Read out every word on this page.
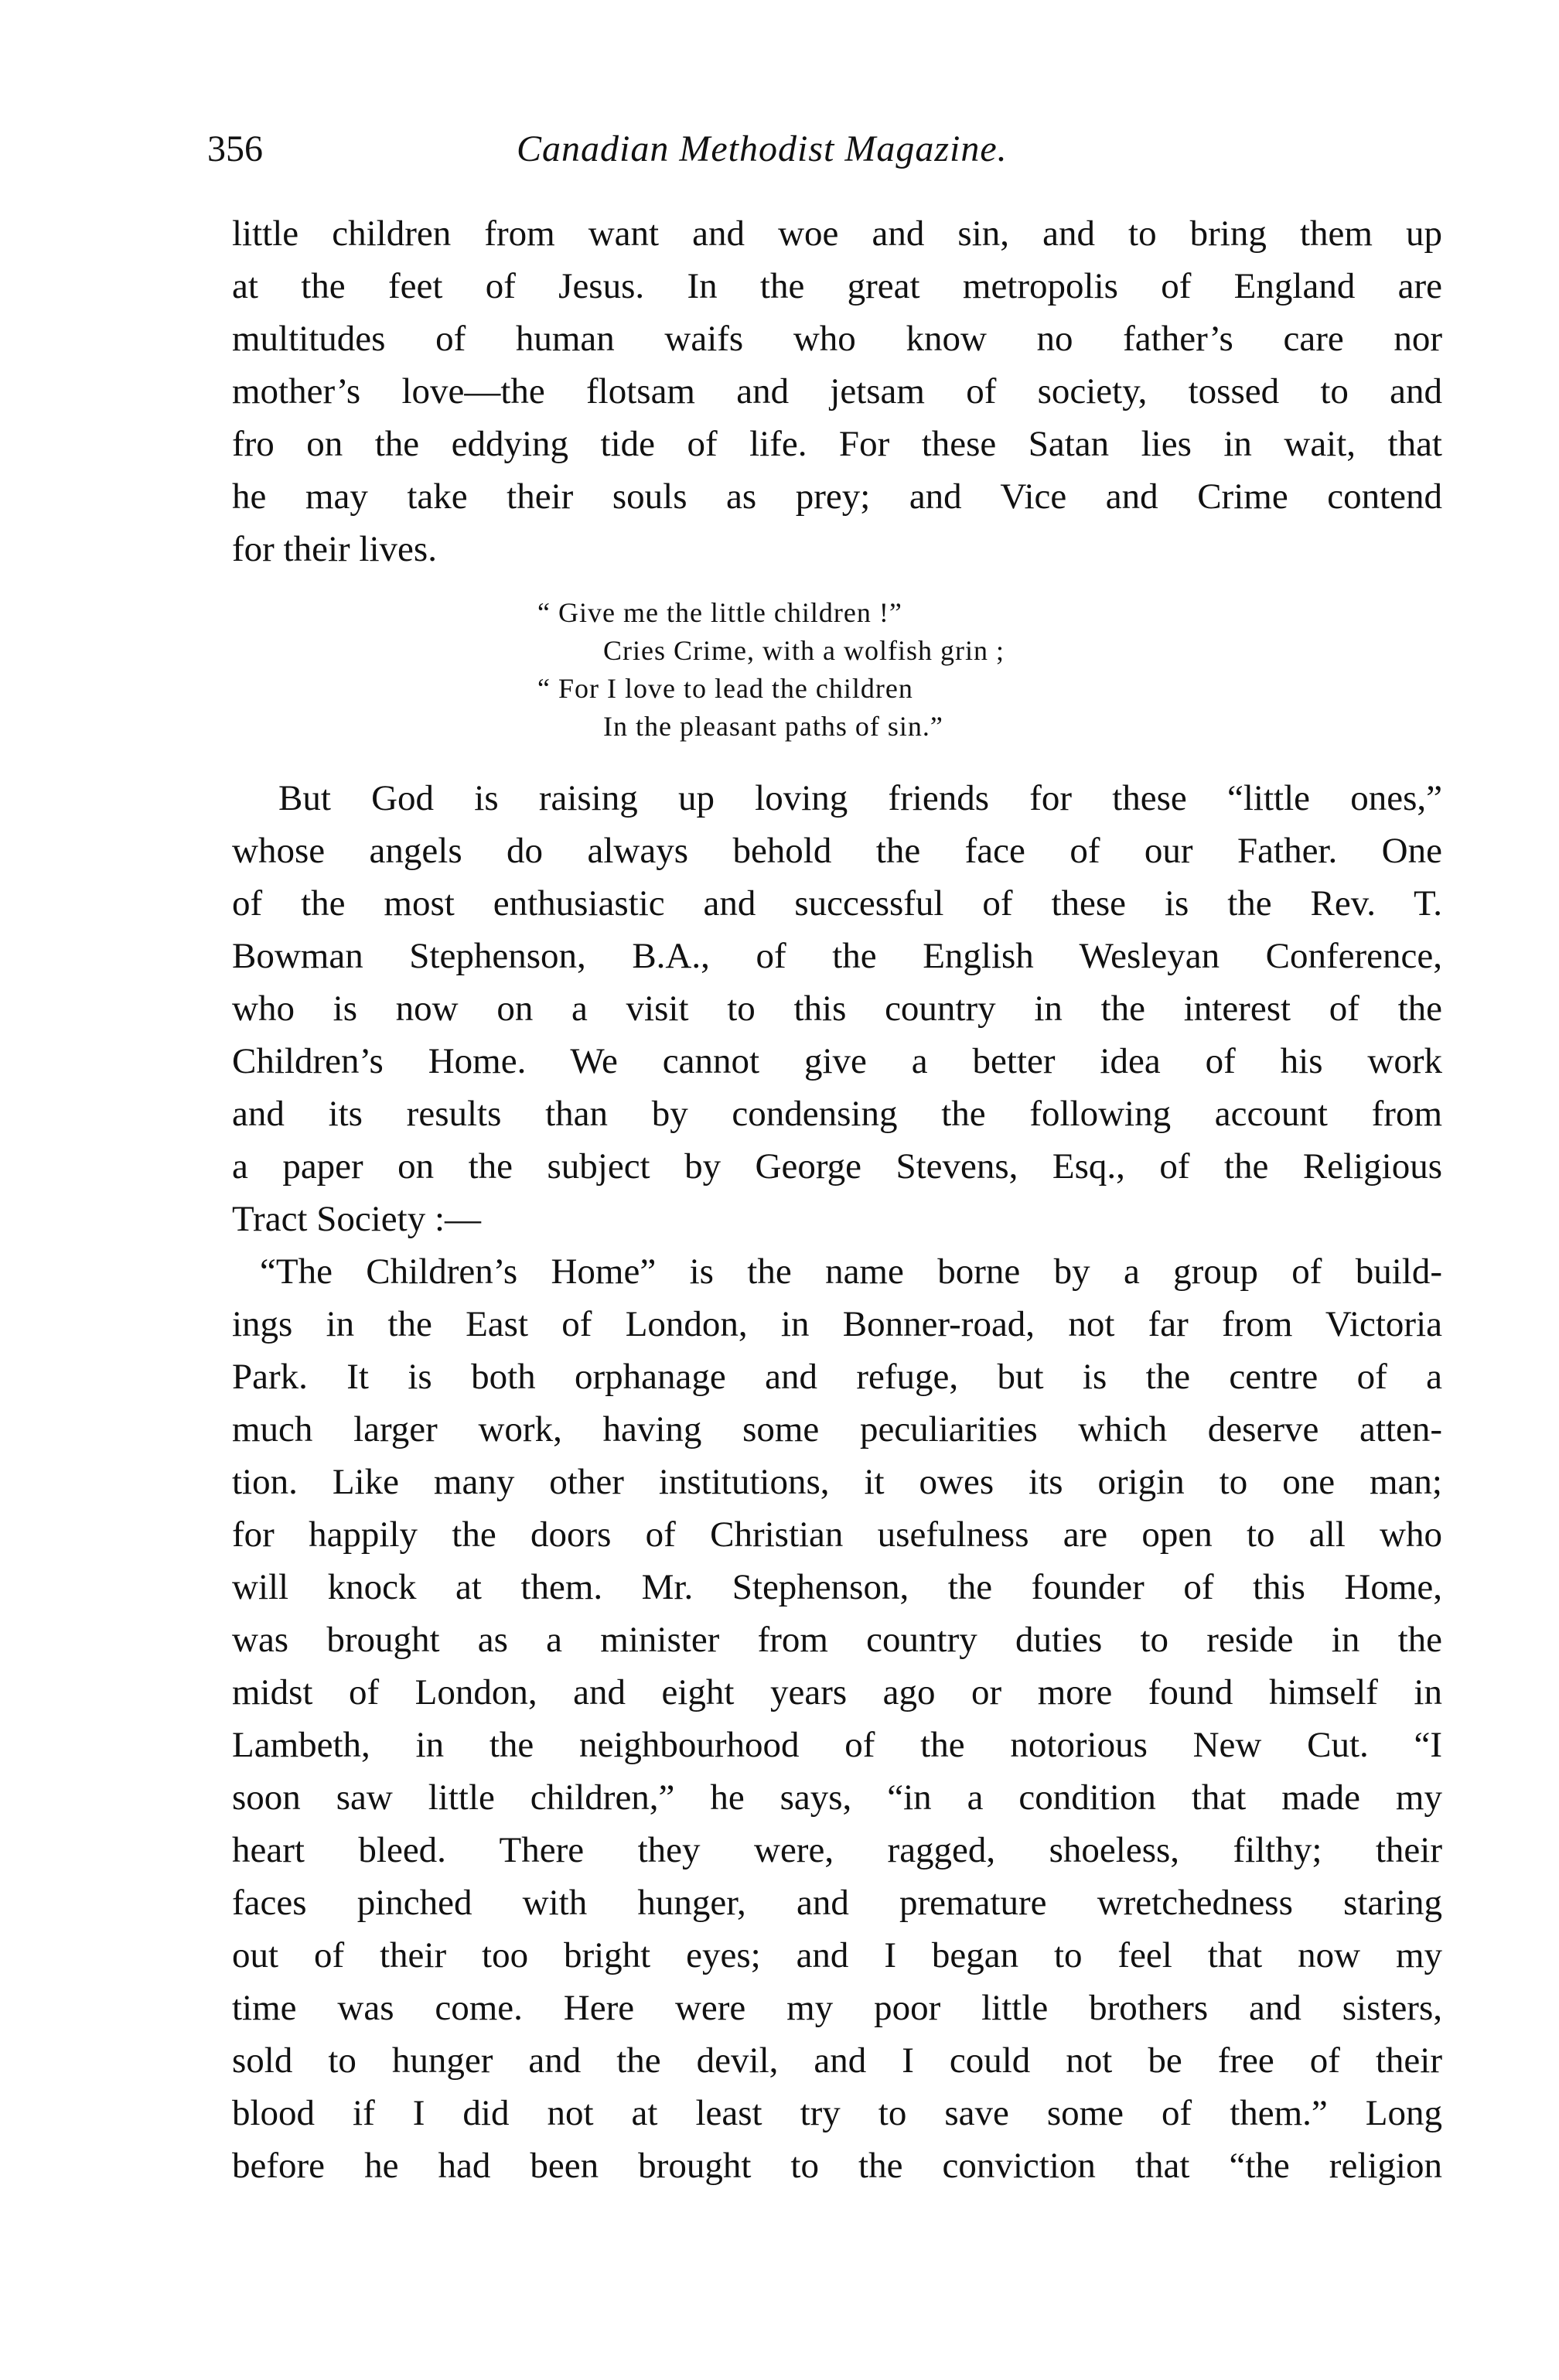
356	Canadian Methodist Magazine.
little children from want and woe and sin, and to bring them up
at the feet of Jesus. In the great metropolis of England are
multitudes of human waifs who know no father’s care nor
mother’s love—the flotsam and jetsam of society, tossed to and
fro on the eddying tide of life. For these Satan lies in wait, that
he may take their souls as prey; and Vice and Crime contend
for their lives.
“ Give me the little children !”
Cries Crime, with a wolfish grin ;
“ For I love to lead the children
In the pleasant paths of sin.”
But God is raising up loving friends for these “little ones,”
whose angels do always behold the face of our Father. One
of the most enthusiastic and successful of these is the Rev. T.
Bowman Stephenson, B.A., of the English Wesleyan Conference,
who is now on a visit to this country in the interest of the
Children’s Home. We cannot give a better idea of his work
and its results than by condensing the following account from
a paper on the subject by George Stevens, Esq., of the Religious
Tract Society :—
“The Children’s Home” is the name borne by a group of build-
ings in the East of London, in Bonner-road, not far from Victoria
Park. It is both orphanage and refuge, but is the centre of a
much larger work, having some peculiarities which deserve atten-
tion. Like many other institutions, it owes its origin to one man;
for happily the doors of Christian usefulness are open to all who
will knock at them. Mr. Stephenson, the founder of this Home,
was brought as a minister from country duties to reside in the
midst of London, and eight years ago or more found himself in
Lambeth, in the neighbourhood of the notorious New Cut. “I
soon saw little children,” he says, “in a condition that made my
heart bleed. There they were, ragged, shoeless, filthy; their
faces pinched with hunger, and premature wretchedness staring
out of their too bright eyes; and I began to feel that now my
time was come. Here were my poor little brothers and sisters,
sold to hunger and the devil, and I could not be free of their
blood if I did not at least try to save some of them.” Long
before he had been brought to the conviction that “the religion
